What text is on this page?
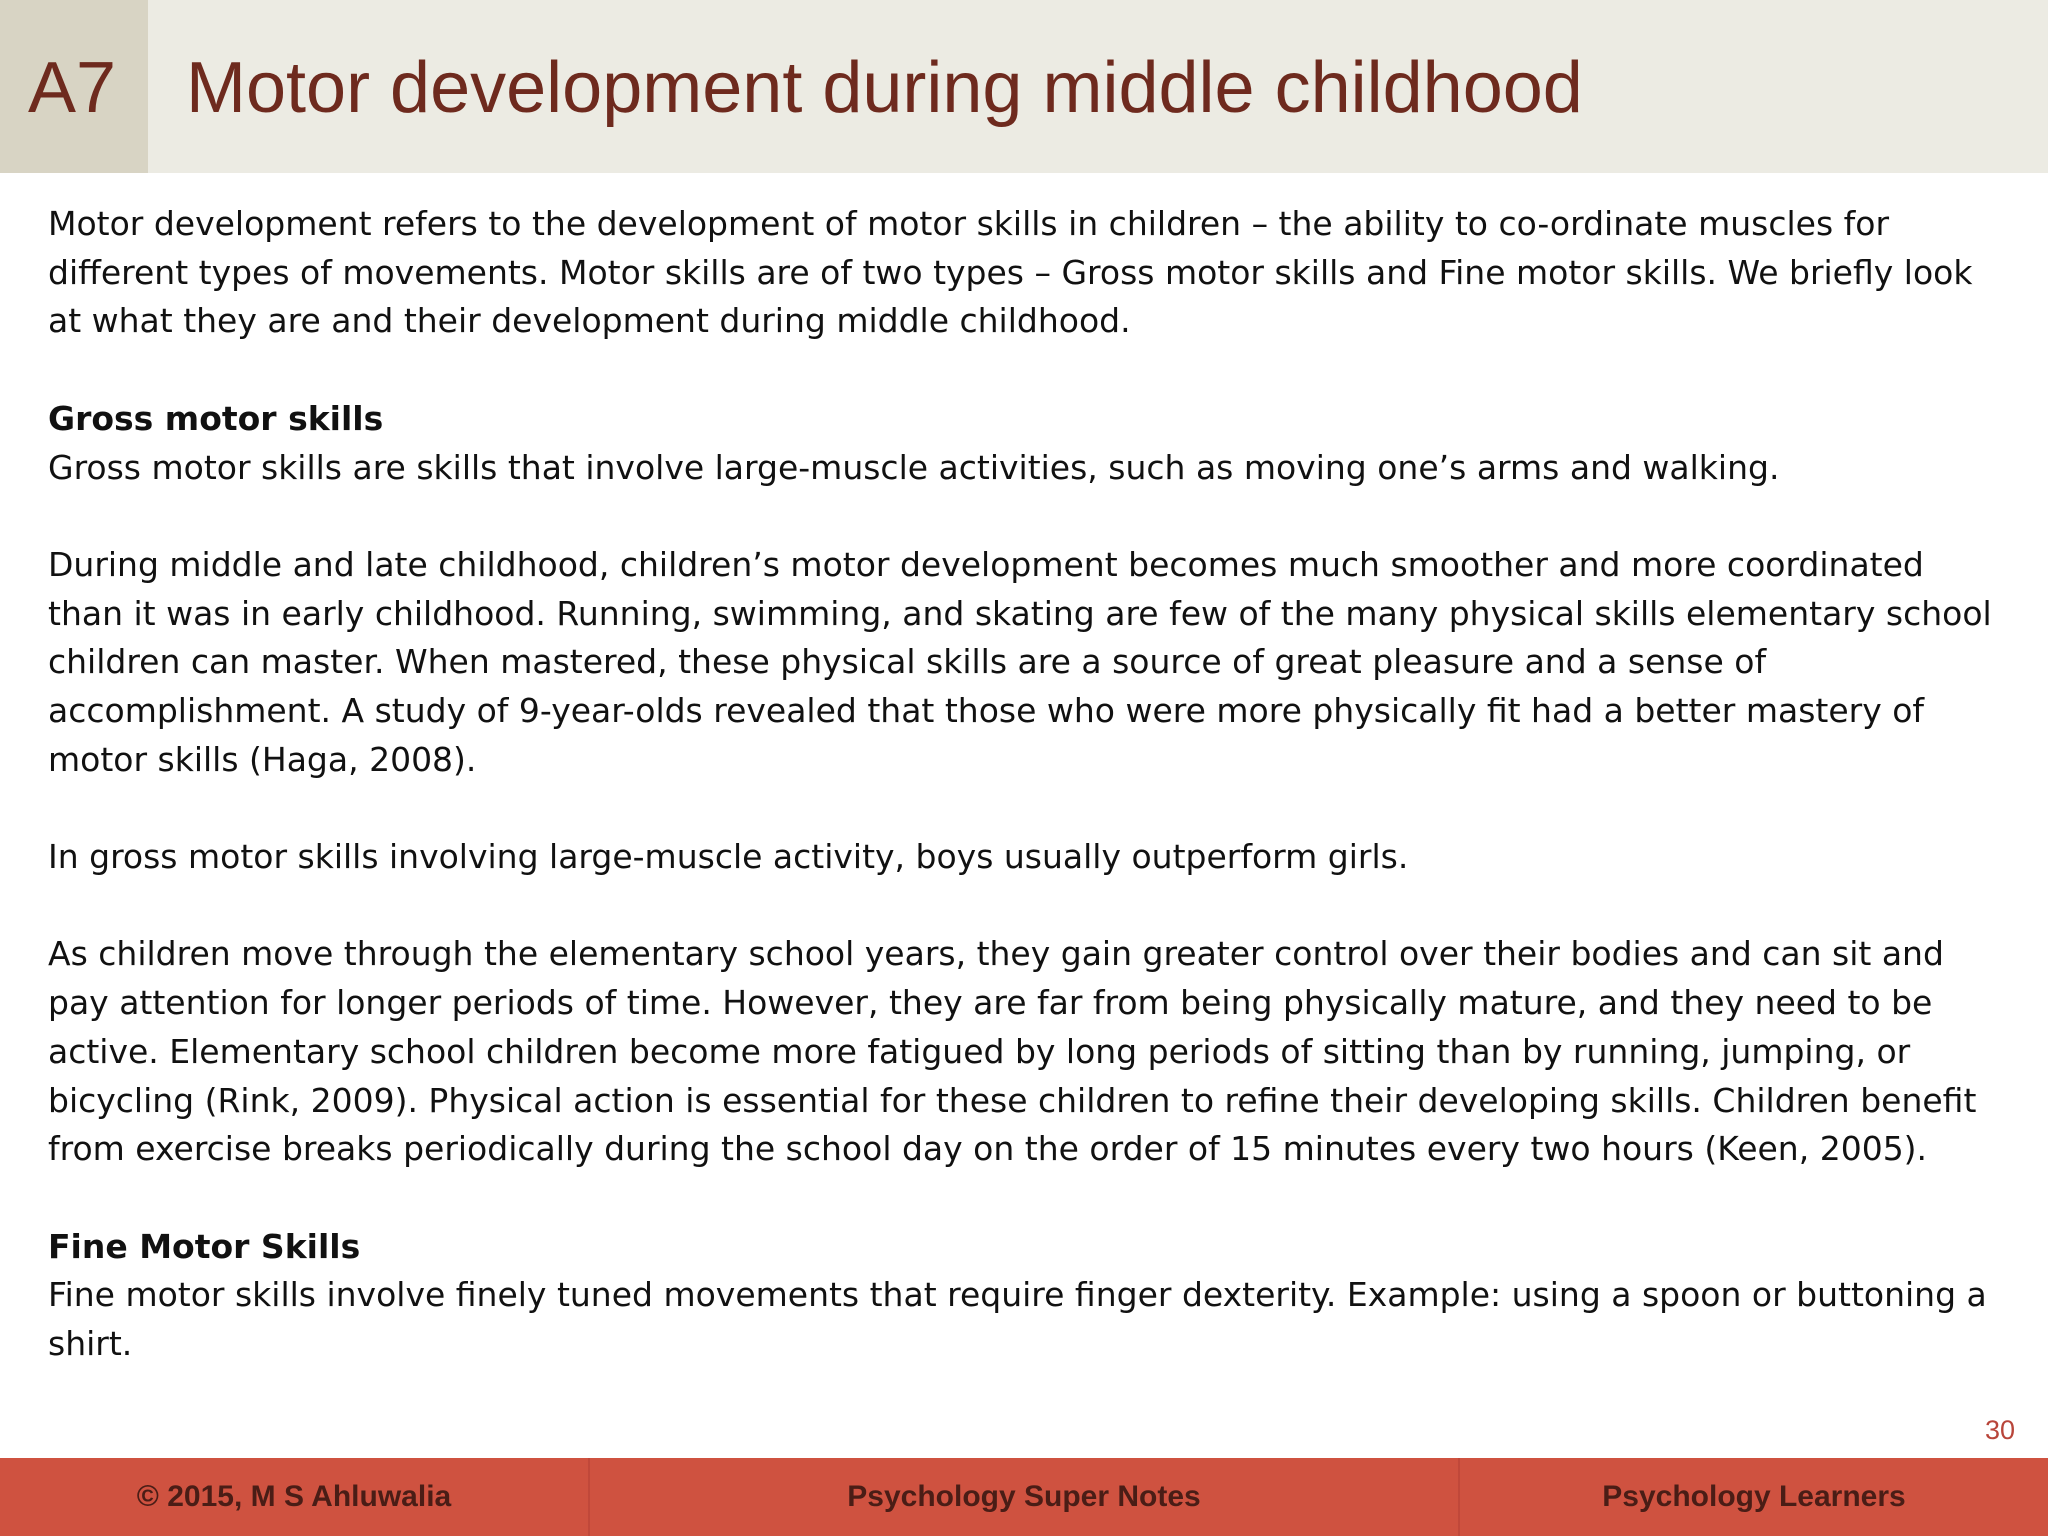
A7 Motor development during middle childhood

Motor development refers to the development of motor skills in children – the ability to co-ordinate muscles for different types of movements. Motor skills are of two types – Gross motor skills and Fine motor skills. We briefly look at what they are and their development during middle childhood.

Gross motor skills
Gross motor skills are skills that involve large-muscle activities, such as moving one’s arms and walking.

During middle and late childhood, children’s motor development becomes much smoother and more coordinated than it was in early childhood. Running, swimming, and skating are few of the many physical skills elementary school children can master. When mastered, these physical skills are a source of great pleasure and a sense of accomplishment. A study of 9-year-olds revealed that those who were more physically fit had a better mastery of motor skills (Haga, 2008).

In gross motor skills involving large-muscle activity, boys usually outperform girls.

As children move through the elementary school years, they gain greater control over their bodies and can sit and pay attention for longer periods of time. However, they are far from being physically mature, and they need to be active. Elementary school children become more fatigued by long periods of sitting than by running, jumping, or bicycling (Rink, 2009). Physical action is essential for these children to refine their developing skills. Children benefit from exercise breaks periodically during the school day on the order of 15 minutes every two hours (Keen, 2005).

Fine Motor Skills
Fine motor skills involve finely tuned movements that require finger dexterity. Example: using a spoon or buttoning a shirt.

30
© 2015, M S Ahluwalia	Psychology Super Notes	Psychology Learners
